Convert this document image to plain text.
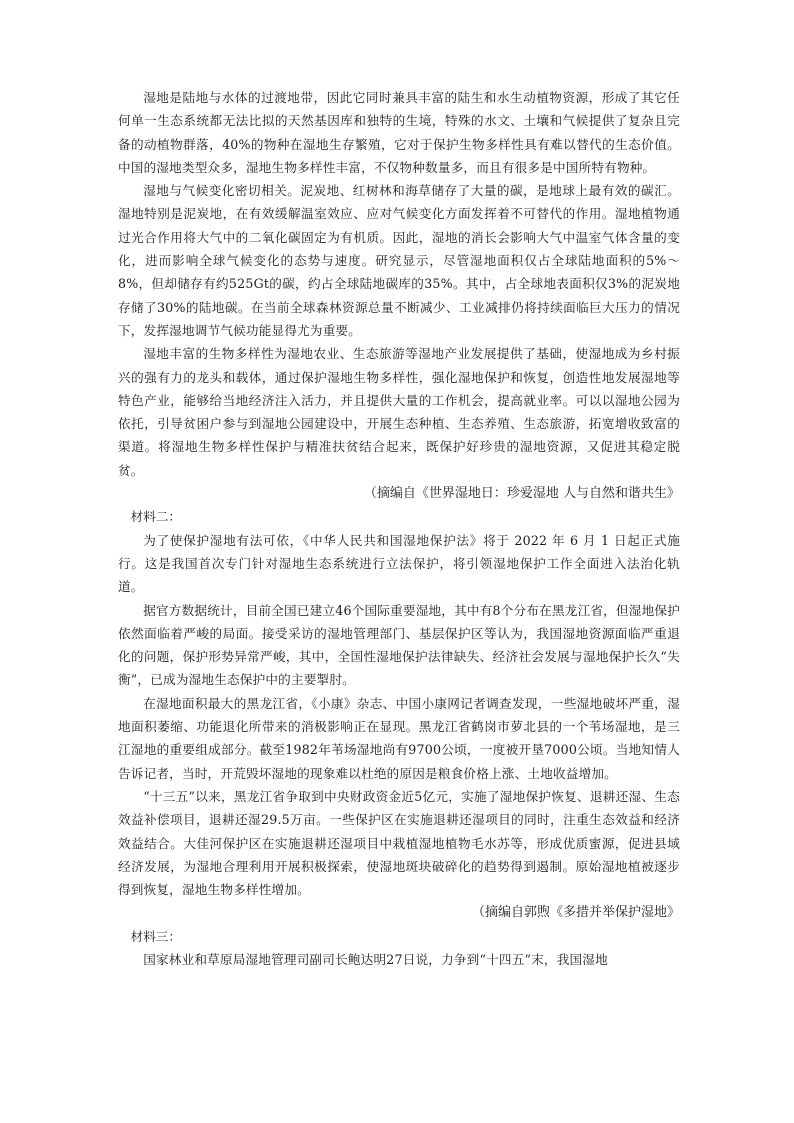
湿地是陆地与水体的过渡地带，因此它同时兼具丰富的陆生和水生动植物资源，形成了其它任何单一生态系统都无法比拟的天然基因库和独特的生境，特殊的水文、土壤和气候提供了复杂且完备的动植物群落，40%的物种在湿地生存繁殖，它对于保护生物多样性具有难以替代的生态价值。中国的湿地类型众多，湿地生物多样性丰富，不仅物种数量多，而且有很多是中国所特有物种。

湿地与气候变化密切相关。泥炭地、红树林和海草储存了大量的碳，是地球上最有效的碳汇。湿地特别是泥炭地，在有效缓解温室效应、应对气候变化方面发挥着不可替代的作用。湿地植物通过光合作用将大气中的二氧化碳固定为有机质。因此，湿地的消长会影响大气中温室气体含量的变化，进而影响全球气候变化的态势与速度。研究显示，尽管湿地面积仅占全球陆地面积的5%～8%，但却储存有约525Gt的碳，约占全球陆地碳库的35%。其中，占全球地表面积仅3%的泥炭地存储了30%的陆地碳。在当前全球森林资源总量不断减少、工业减排仍将持续面临巨大压力的情况下，发挥湿地调节气候功能显得尤为重要。

湿地丰富的生物多样性为湿地农业、生态旅游等湿地产业发展提供了基础，使湿地成为乡村振兴的强有力的龙头和载体，通过保护湿地生物多样性，强化湿地保护和恢复，创造性地发展湿地等特色产业，能够给当地经济注入活力，并且提供大量的工作机会，提高就业率。可以以湿地公园为依托，引导贫困户参与到湿地公园建设中，开展生态种植、生态养殖、生态旅游，拓宽增收致富的渠道。将湿地生物多样性保护与精准扶贫结合起来，既保护好珍贵的湿地资源，又促进其稳定脱贫。

（摘编自《世界湿地日：珍爱湿地 人与自然和谐共生》

材料二：

为了使保护湿地有法可依，《中华人民共和国湿地保护法》将于 2022 年 6 月 1 日起正式施行。这是我国首次专门针对湿地生态系统进行立法保护，将引领湿地保护工作全面进入法治化轨道。

据官方数据统计，目前全国已建立46个国际重要湿地，其中有8个分布在黑龙江省，但湿地保护依然面临着严峻的局面。接受采访的湿地管理部门、基层保护区等认为，我国湿地资源面临严重退化的问题，保护形势异常严峻，其中，全国性湿地保护法律缺失、经济社会发展与湿地保护长久“失衡”，已成为湿地生态保护中的主要掣肘。

在湿地面积最大的黑龙江省，《小康》杂志、中国小康网记者调查发现，一些湿地破坏严重，湿地面积萎缩、功能退化所带来的消极影响正在显现。黑龙江省鹤岗市萝北县的一个苇场湿地，是三江湿地的重要组成部分。截至1982年苇场湿地尚有9700公顷，一度被开垦7000公顷。当地知情人告诉记者，当时，开荒毁坏湿地的现象难以杜绝的原因是粮食价格上涨、土地收益增加。

“十三五”以来，黑龙江省争取到中央财政资金近5亿元，实施了湿地保护恢复、退耕还湿、生态效益补偿项目，退耕还湿29.5万亩。一些保护区在实施退耕还湿项目的同时，注重生态效益和经济效益结合。大佳河保护区在实施退耕还湿项目中栽植湿地植物毛水苏等，形成优质蜜源，促进县域经济发展，为湿地合理利用开展积极探索，使湿地斑块破碎化的趋势得到遏制。原始湿地植被逐步得到恢复，湿地生物多样性增加。

（摘编自郭煦《多措并举保护湿地》

材料三：

国家林业和草原局湿地管理司副司长鲍达明27日说，力争到“十四五”末，我国湿地
